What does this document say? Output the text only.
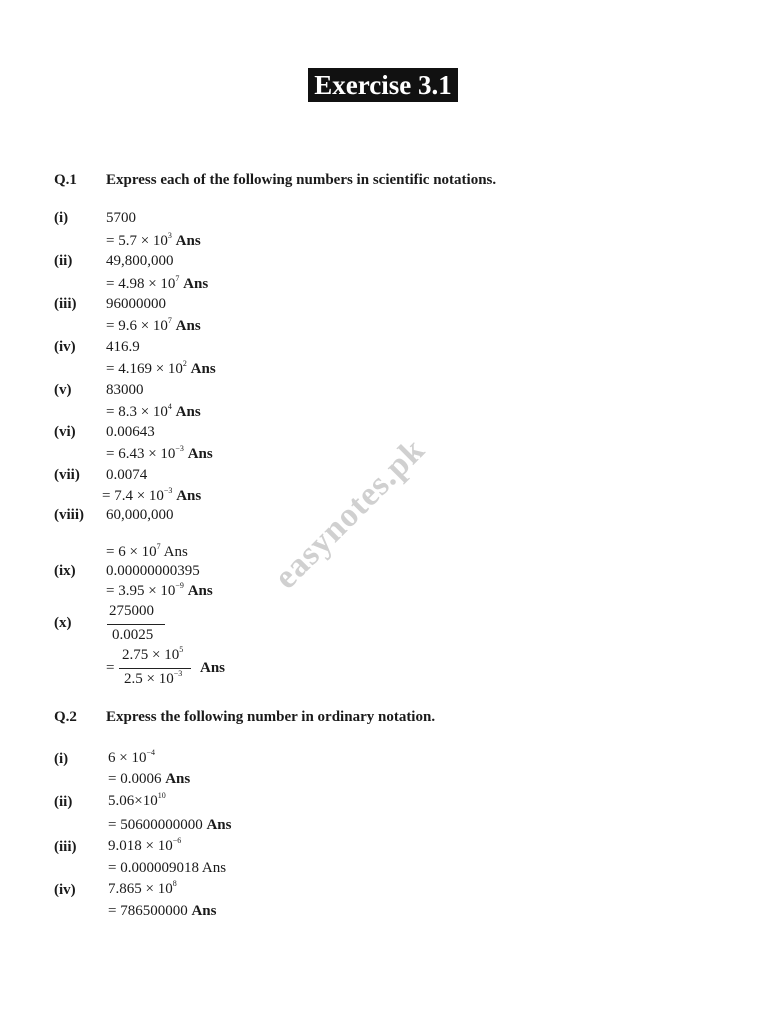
Exercise 3.1
easynotes.pk
Q.1 Express each of the following numbers in scientific notations.
(i)	5700
= $5.7 \times 10^3$ Ans
(ii) 49,800,000
= $4.98 \times 10^7$ Ans
(iii) 96000000
= $9.6 \times 10^7$ Ans
(iv) 416.9
= $4.169 \times 10^2$ Ans
(v) 83000
= $8.3 \times 10^4$ Ans
(vi) 0.00643
= $6.43 \times 10^{-3}$ Ans
(vii) 0.0074
= $7.4 \times 10^{-3}$ Ans
(viii) 60,000,000
= $6 \times 10^7$ Ans
(ix) 0.00000000395
= $3.95 \times 10^{-9}$ Ans
(x)
275000
0.0025
=
$2.75 \times 10^5$
$2.5 \times 10^{-3}$ Ans
Q.2 Express the following number in ordinary notation.
(i)	$6 \times 10^{-4}$
= 0.0006 Ans
(ii) $5.06\times 10^{10}$
= 50600000000 Ans
(iii) $9.018 \times 10^{-6}$
= 0.000009018 Ans
(iv) $7.865 \times 10^8$
= 786500000 Ans
